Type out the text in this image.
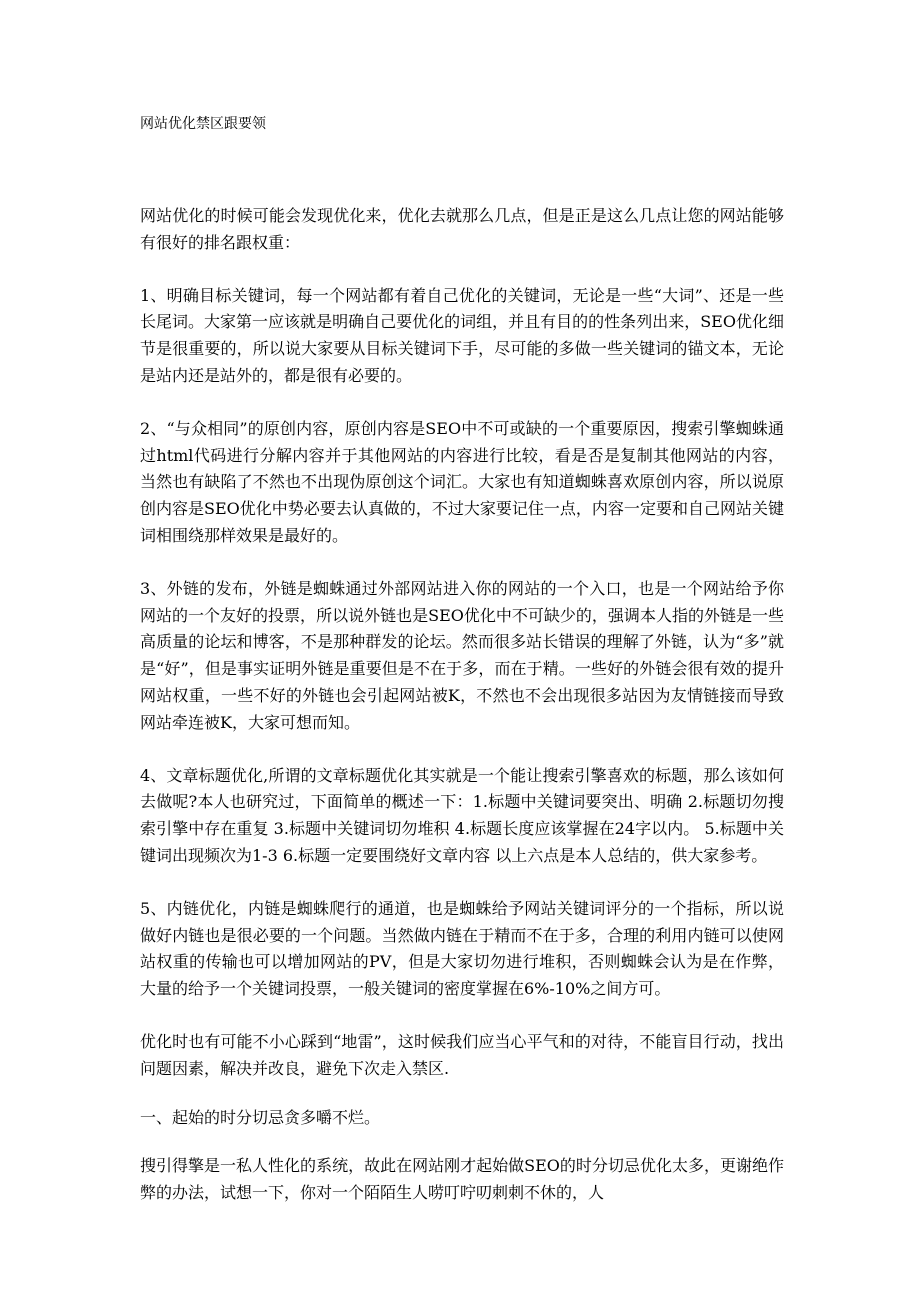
网站优化禁区跟要领

网站优化的时候可能会发现优化来，优化去就那么几点，但是正是这么几点让您的网站能够有很好的排名跟权重：

1、明确目标关键词，每一个网站都有着自己优化的关键词，无论是一些“大词”、还是一些长尾词。大家第一应该就是明确自己要优化的词组，并且有目的的性条列出来，SEO优化细节是很重要的，所以说大家要从目标关键词下手，尽可能的多做一些关键词的锚文本，无论是站内还是站外的，都是很有必要的。

2、“与众相同”的原创内容，原创内容是SEO中不可或缺的一个重要原因，搜索引擎蜘蛛通过html代码进行分解内容并于其他网站的内容进行比较，看是否是复制其他网站的内容，当然也有缺陷了不然也不出现伪原创这个词汇。大家也有知道蜘蛛喜欢原创内容，所以说原创内容是SEO优化中势必要去认真做的，不过大家要记住一点，内容一定要和自己网站关键词相围绕那样效果是最好的。

3、外链的发布，外链是蜘蛛通过外部网站进入你的网站的一个入口，也是一个网站给予你网站的一个友好的投票，所以说外链也是SEO优化中不可缺少的，强调本人指的外链是一些高质量的论坛和博客，不是那种群发的论坛。然而很多站长错误的理解了外链，认为“多”就是“好”，但是事实证明外链是重要但是不在于多，而在于精。一些好的外链会很有效的提升网站权重，一些不好的外链也会引起网站被K，不然也不会出现很多站因为友情链接而导致网站牵连被K，大家可想而知。

4、文章标题优化,所谓的文章标题优化其实就是一个能让搜索引擎喜欢的标题，那么该如何去做呢?本人也研究过，下面简单的概述一下：1.标题中关键词要突出、明确 2.标题切勿搜索引擎中存在重复 3.标题中关键词切勿堆积 4.标题长度应该掌握在24字以内。 5.标题中关键词出现频次为1-3 6.标题一定要围绕好文章内容 以上六点是本人总结的，供大家参考。

5、内链优化，内链是蜘蛛爬行的通道，也是蜘蛛给予网站关键词评分的一个指标，所以说做好内链也是很必要的一个问题。当然做内链在于精而不在于多，合理的利用内链可以使网站权重的传输也可以增加网站的PV，但是大家切勿进行堆积，否则蜘蛛会认为是在作弊，大量的给予一个关键词投票，一般关键词的密度掌握在6%-10%之间方可。

优化时也有可能不小心踩到“地雷”，这时候我们应当心平气和的对待，不能盲目行动，找出问题因素，解决并改良，避免下次走入禁区.

一、起始的时分切忌贪多嚼不烂。

搜引得擎是一私人性化的系统，故此在网站刚才起始做SEO的时分切忌优化太多，更谢绝作弊的办法，试想一下，你对一个陌陌生人唠叮咛叨刺刺不休的，人
